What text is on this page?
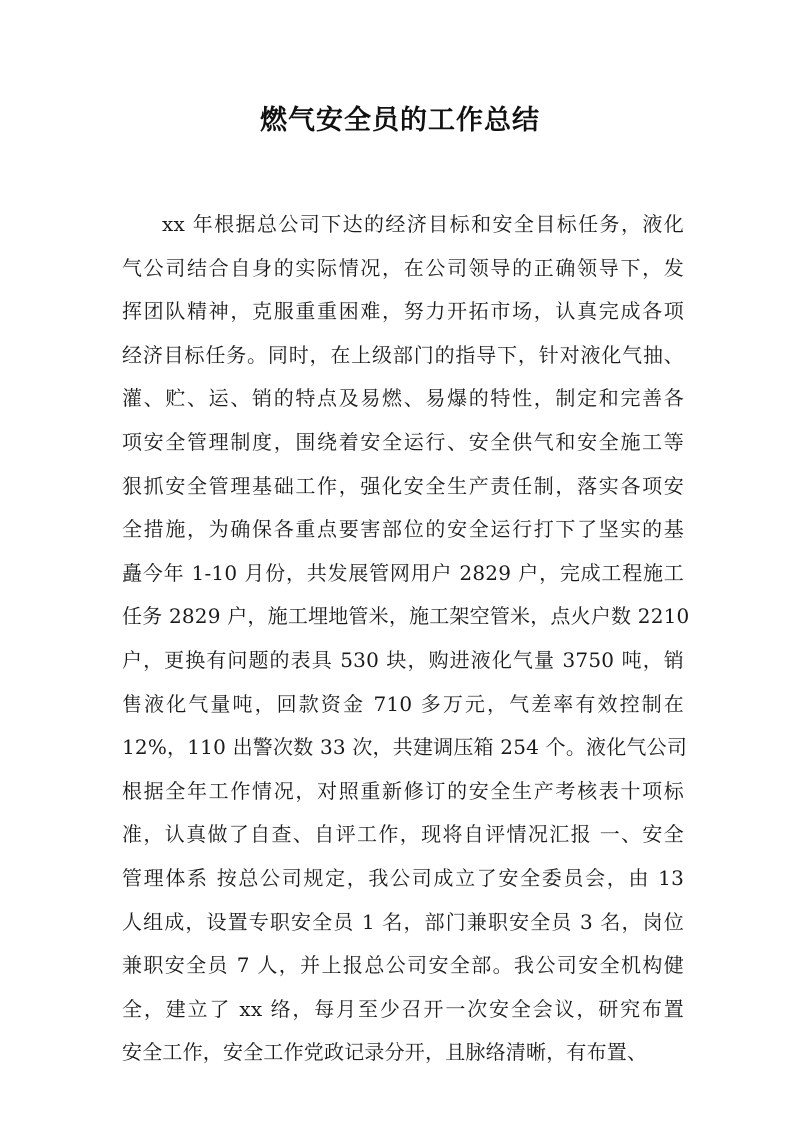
燃气安全员的工作总结
xx 年根据总公司下达的经济目标和安全目标任务，液化
气公司结合自身的实际情况，在公司领导的正确领导下，发
挥团队精神，克服重重困难，努力开拓市场，认真完成各项
经济目标任务。同时，在上级部门的指导下，针对液化气抽、
灌、贮、运、销的特点及易燃、易爆的特性，制定和完善各
项安全管理制度，围绕着安全运行、安全供气和安全施工等
狠抓安全管理基础工作，强化安全生产责任制，落实各项安
全措施，为确保各重点要害部位的安全运行打下了坚实的基
矗今年 1-10 月份，共发展管网用户 2829 户，完成工程施工
任务 2829 户，施工埋地管米，施工架空管米，点火户数 2210
户，更换有问题的表具 530 块，购进液化气量 3750 吨，销
售液化气量吨，回款资金 710 多万元，气差率有效控制在
12%，110 出警次数 33 次，共建调压箱 254 个。液化气公司
根据全年工作情况，对照重新修订的安全生产考核表十项标
准，认真做了自查、自评工作，现将自评情况汇报 一、安全
管理体系 按总公司规定，我公司成立了安全委员会，由 13
人组成，设置专职安全员 1 名，部门兼职安全员 3 名，岗位
兼职安全员 7 人，并上报总公司安全部。我公司安全机构健
全，建立了 xx 络，每月至少召开一次安全会议，研究布置
安全工作，安全工作党政记录分开，且脉络清晰，有布置、
